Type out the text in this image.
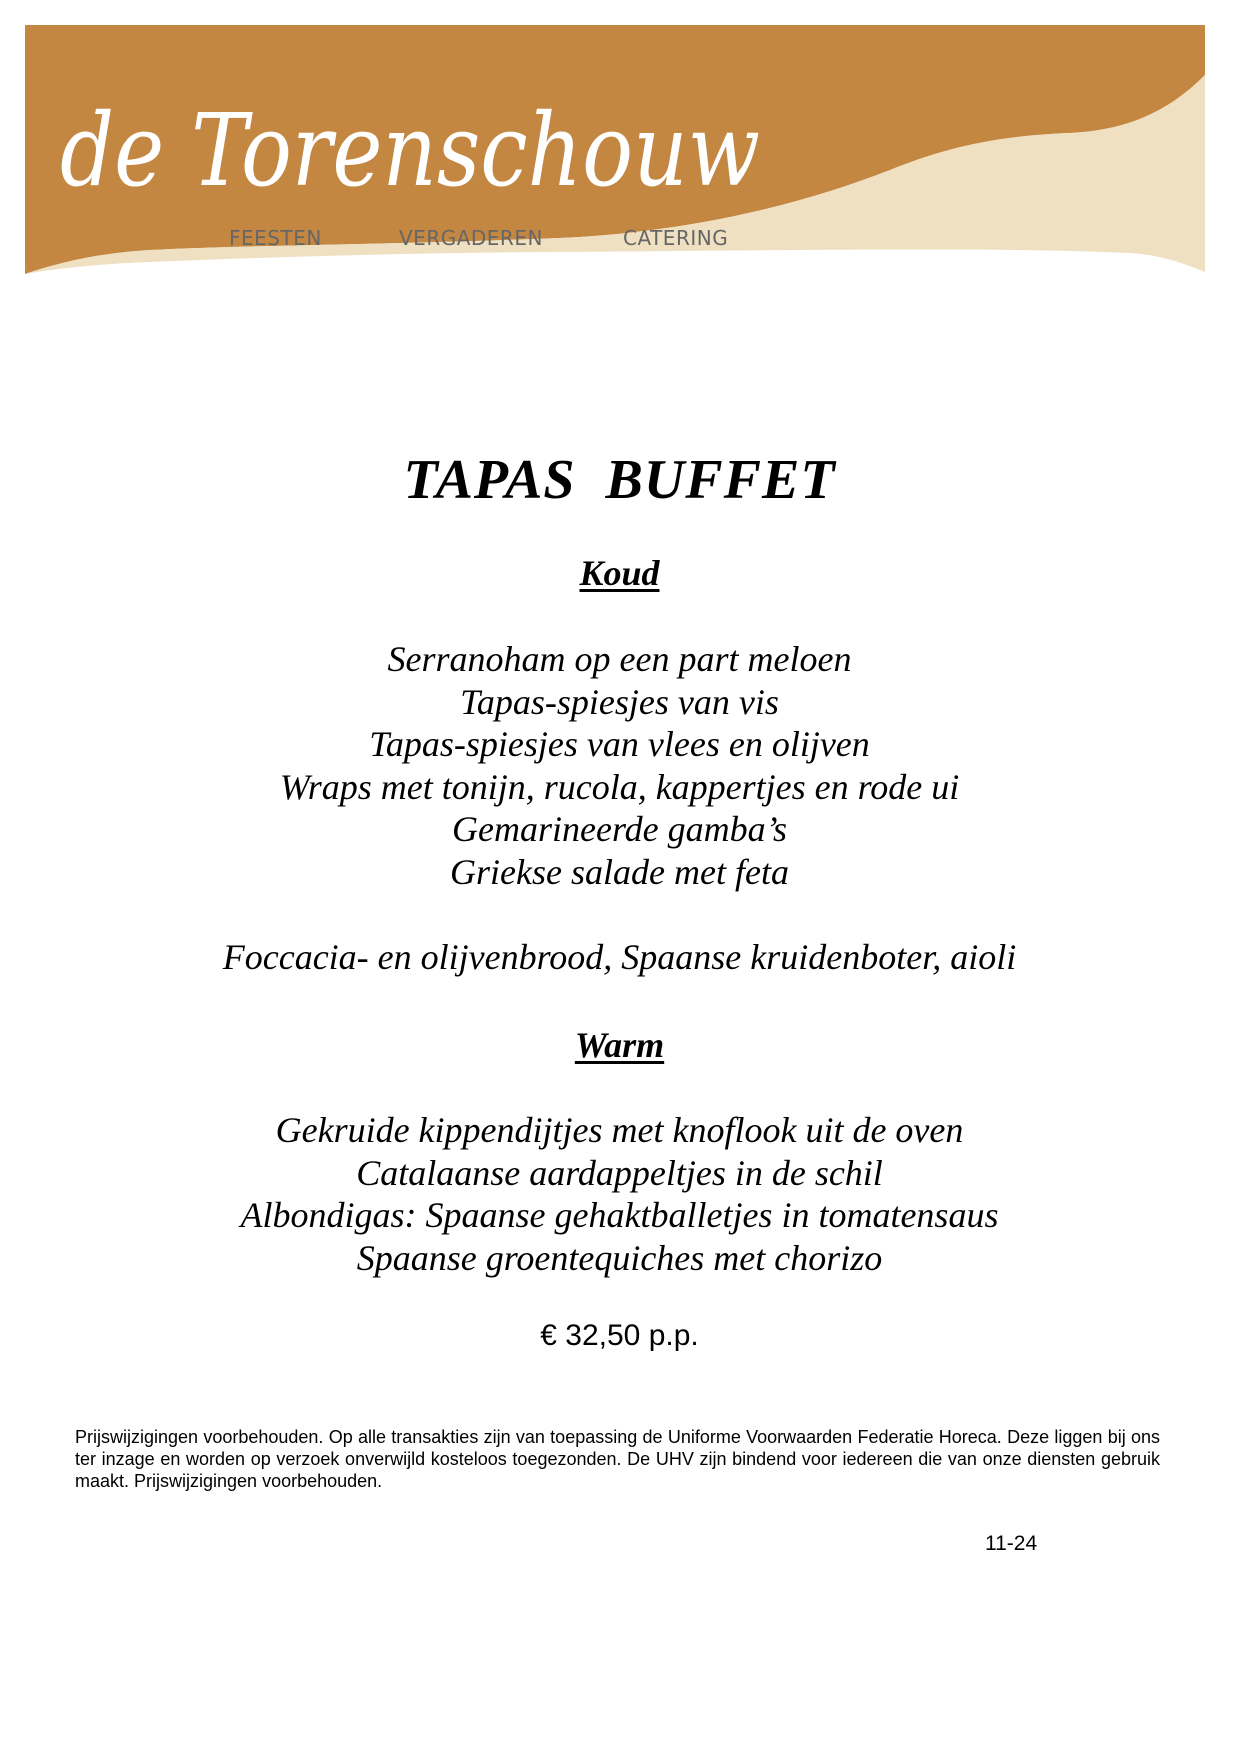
de Torenschouw
FEESTEN	VERGADEREN	CATERING
TAPAS  BUFFET
Koud
Serranoham op een part meloen
Tapas-spiesjes van vis
Tapas-spiesjes van vlees en olijven
Wraps met tonijn, rucola, kappertjes en rode ui
Gemarineerde gamba’s
Griekse salade met feta

Foccacia- en olijvenbrood, Spaanse kruidenboter, aioli

Warm
Gekruide kippendijtjes met knoflook uit de oven
Catalaanse aardappeltjes in de schil
Albondigas: Spaanse gehaktballetjes in tomatensaus
Spaanse groentequiches met chorizo

€ 32,50 p.p.

Prijswijzigingen voorbehouden. Op alle transakties zijn van toepassing de Uniforme Voorwaarden Federatie Horeca. Deze liggen bij ons ter inzage en worden op verzoek onverwijld kosteloos toegezonden. De UHV zijn bindend voor iedereen die van onze diensten gebruik maakt. Prijswijzigingen voorbehouden.

11-24
